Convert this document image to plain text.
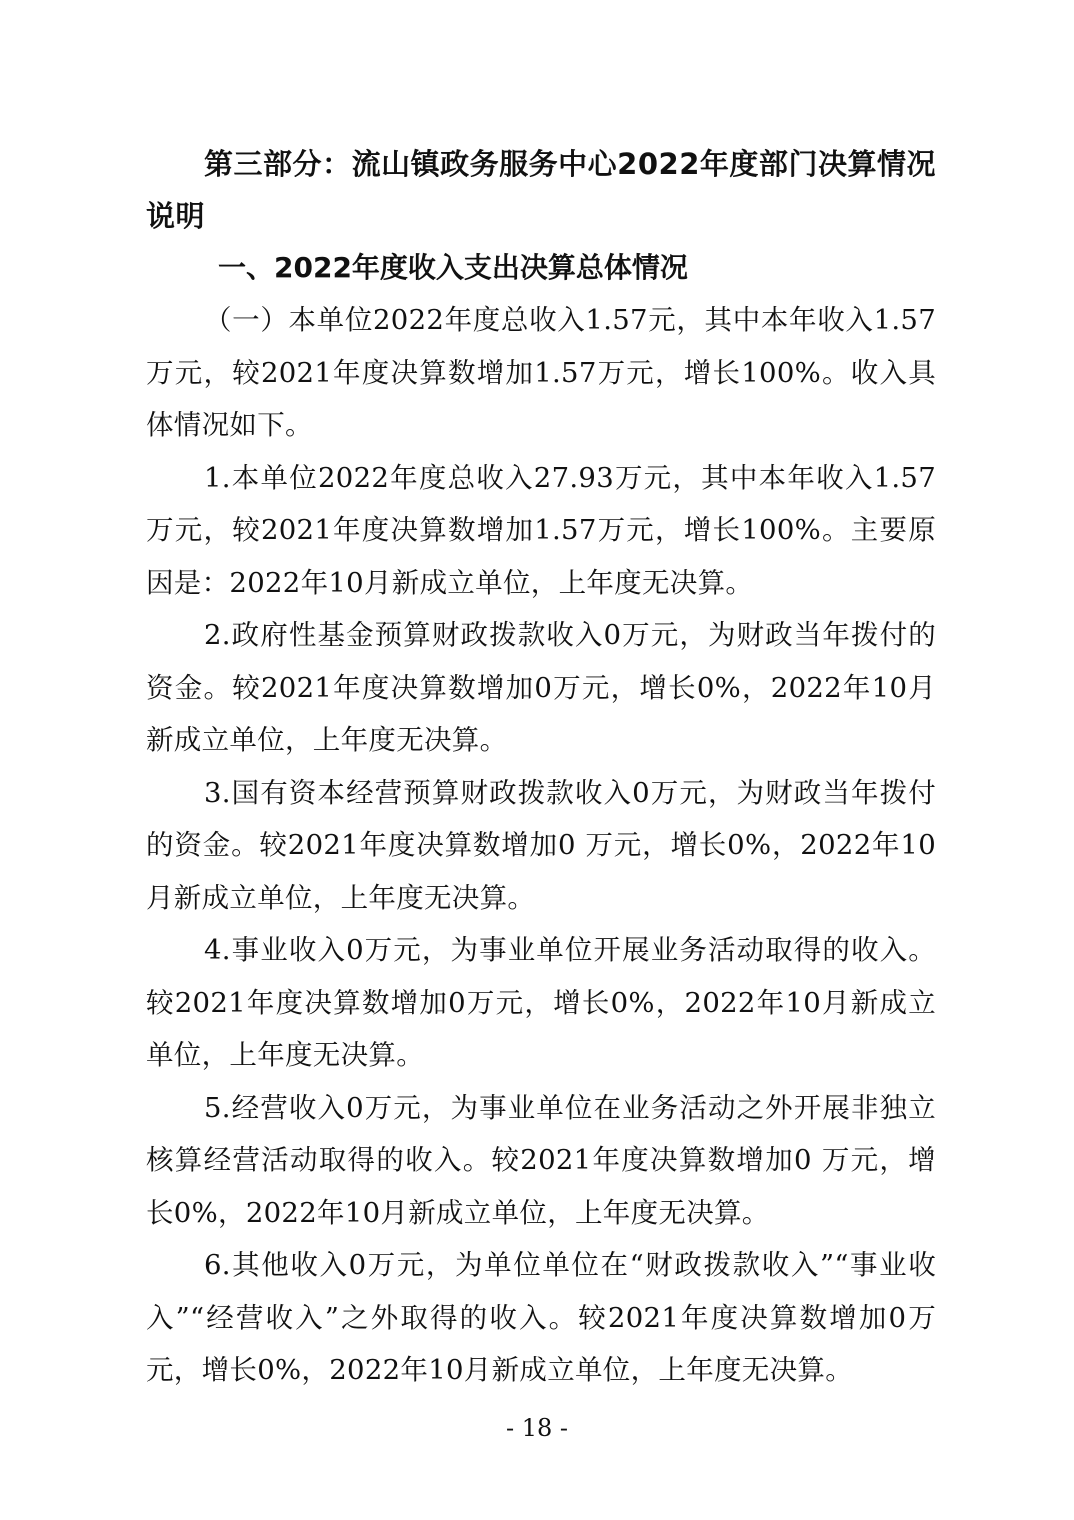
第三部分：流山镇政务服务中心2022年度部门决算情况说明

一、2022年度收入支出决算总体情况

（一）本单位2022年度总收入1.57元，其中本年收入1.57万元，较2021年度决算数增加1.57万元，增长100%。收入具体情况如下。

1.本单位2022年度总收入27.93万元，其中本年收入1.57万元，较2021年度决算数增加1.57万元，增长100%。主要原因是：2022年10月新成立单位，上年度无决算。

2.政府性基金预算财政拨款收入0万元，为财政当年拨付的资金。较2021年度决算数增加0万元，增长0%，2022年10月新成立单位，上年度无决算。

3.国有资本经营预算财政拨款收入0万元，为财政当年拨付的资金。较2021年度决算数增加0 万元，增长0%，2022年10月新成立单位，上年度无决算。

4.事业收入0万元，为事业单位开展业务活动取得的收入。较2021年度决算数增加0万元，增长0%，2022年10月新成立单位，上年度无决算。

5.经营收入0万元，为事业单位在业务活动之外开展非独立核算经营活动取得的收入。较2021年度决算数增加0 万元，增长0%，2022年10月新成立单位，上年度无决算。

6.其他收入0万元，为单位单位在“财政拨款收入”“事业收入”“经营收入”之外取得的收入。较2021年度决算数增加0万元，增长0%，2022年10月新成立单位，上年度无决算。

- 18 -
